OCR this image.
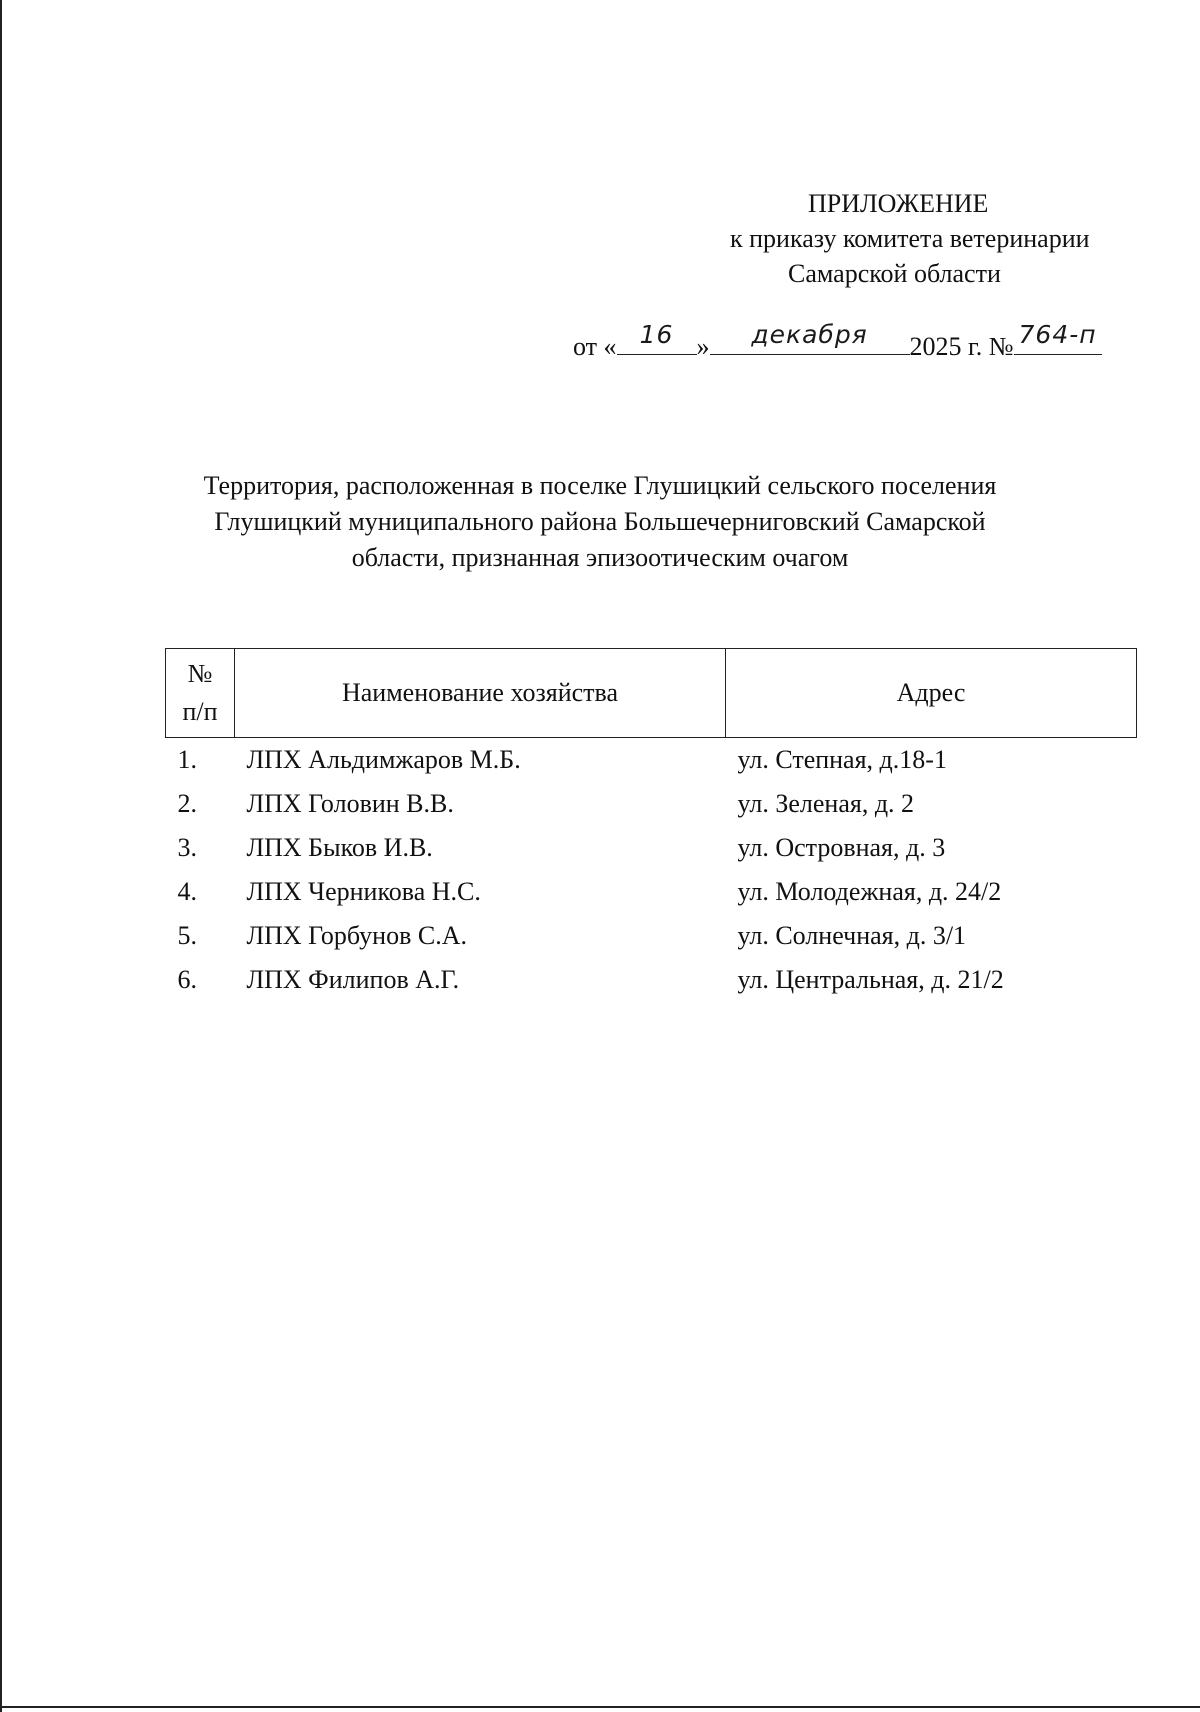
ПРИЛОЖЕНИЕ
к приказу комитета ветеринарии
Самарской области
от « 16 »	декабря	2025 г. № 764-п
Территория, расположенная в поселке Глушицкий сельского поселения
Глушицкий муниципального района Большечерниговский Самарской
области, признанная эпизоотическим очагом
№
п/п	Наименование хозяйства	Адрес
1.	ЛПХ Альдимжаров М.Б.	ул. Степная, д.18-1
2.	ЛПХ Головин В.В.	ул. Зеленая, д. 2
3.	ЛПХ Быков И.В.	ул. Островная, д. 3
4.	ЛПХ Черникова Н.С.	ул. Молодежная, д. 24/2
5.	ЛПХ Горбунов С.А.	ул. Солнечная, д. 3/1
6.	ЛПХ Филипов А.Г.	ул. Центральная, д. 21/2
